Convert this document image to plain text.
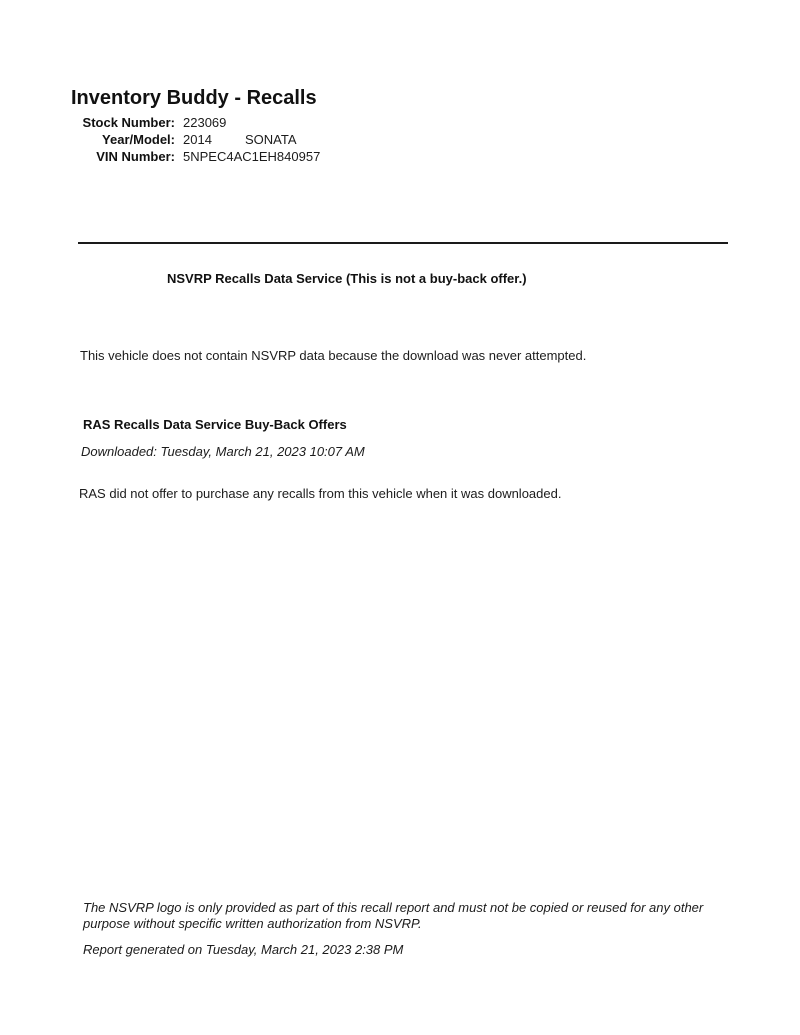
Inventory Buddy - Recalls
Stock Number: 223069
Year/Model: 2014	SONATA
VIN Number: 5NPEC4AC1EH840957
NSVRP Recalls Data Service (This is not a buy-back offer.)
This vehicle does not contain NSVRP data because the download was never attempted.
RAS Recalls Data Service Buy-Back Offers
Downloaded: Tuesday, March 21, 2023 10:07 AM
RAS did not offer to purchase any recalls from this vehicle when it was downloaded.
The NSVRP logo is only provided as part of this recall report and must not be copied or reused for any other purpose without specific written authorization from NSVRP.
Report generated on Tuesday, March 21, 2023 2:38 PM
